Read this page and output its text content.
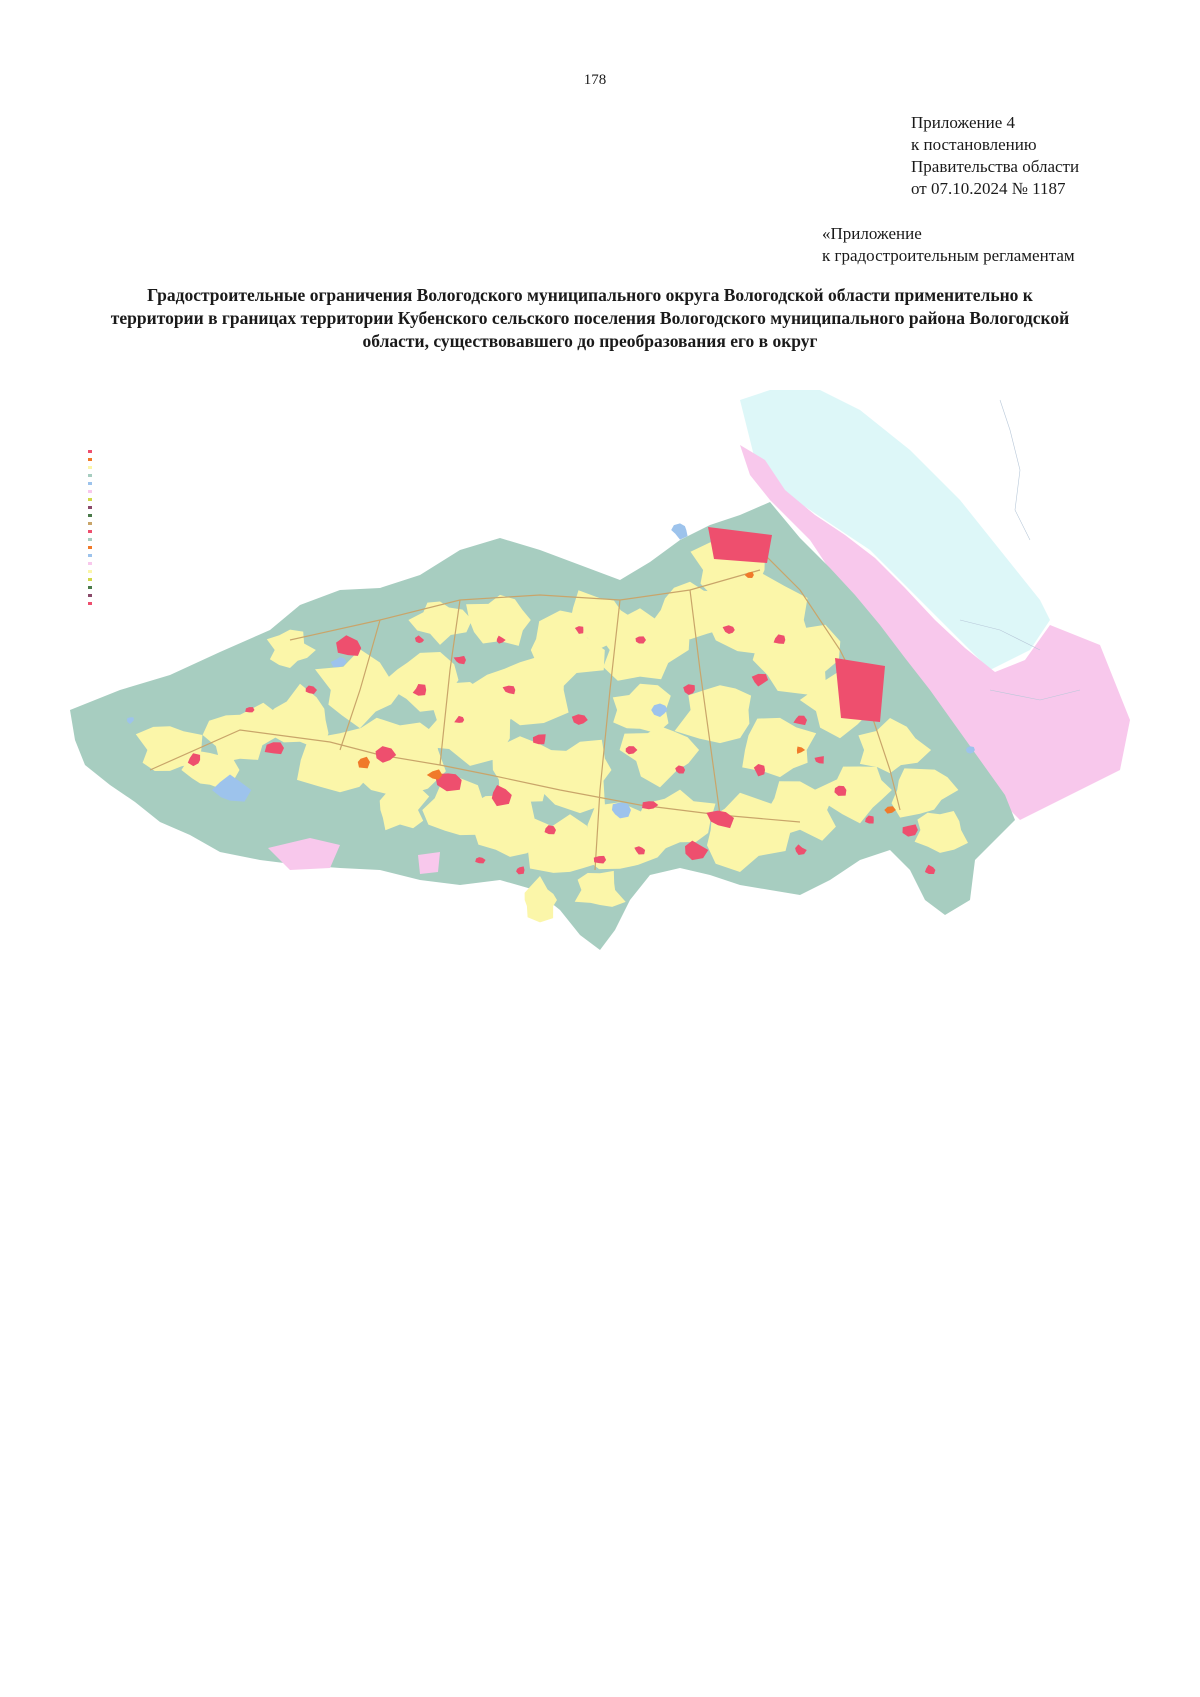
178
Приложение 4
к постановлению
Правительства области
от 07.10.2024 № 1187
«Приложение
к градостроительным регламентам
Градостроительные ограничения Вологодского муниципального округа Вологодской области применительно к
территории в границах территории Кубенского сельского поселения Вологодского муниципального района Вологодской
области, существовавшего до преобразования его в округ
